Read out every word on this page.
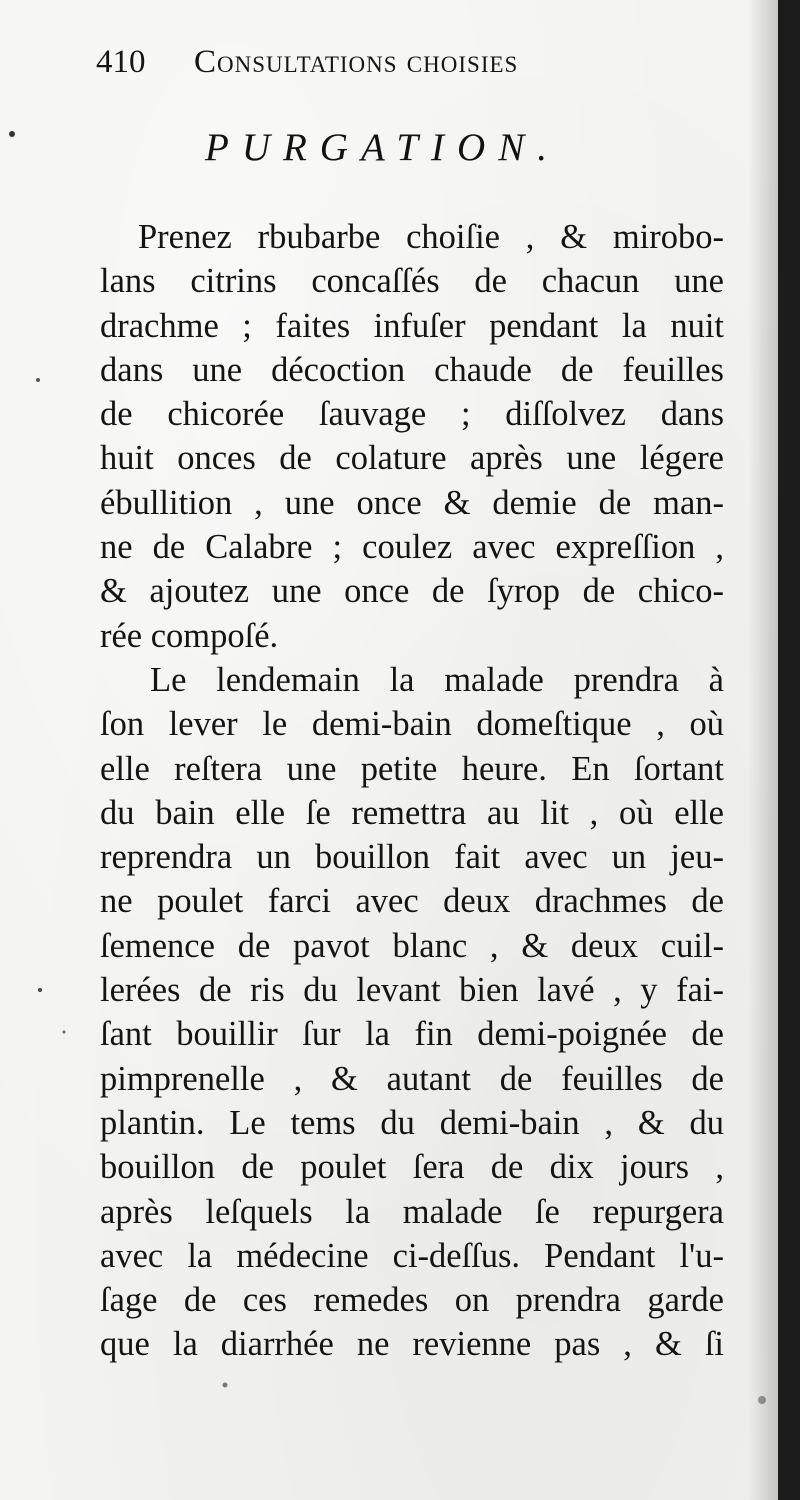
410 Consultations choisies
PURGATION.
Prenez rbubarbe choiſie , & mirobo-
lans citrins concaſſés de chacun une
drachme ; faites infuſer pendant la nuit
dans une décoction chaude de feuilles
de chicorée ſauvage ; diſſolvez dans
huit onces de colature après une légere
ébullition , une once & demie de man-
ne de Calabre ; coulez avec expreſſion ,
& ajoutez une once de ſyrop de chico-
rée compoſé.
Le lendemain la malade prendra à
ſon lever le demi-bain domeſtique , où
elle reſtera une petite heure. En ſortant
du bain elle ſe remettra au lit , où elle
reprendra un bouillon fait avec un jeu-
ne poulet farci avec deux drachmes de
ſemence de pavot blanc , & deux cuil-
lerées de ris du levant bien lavé , y fai-
ſant bouillir ſur la fin demi-poignée de
pimprenelle , & autant de feuilles de
plantin. Le tems du demi-bain , & du
bouillon de poulet ſera de dix jours ,
après leſquels la malade ſe repurgera
avec la médecine ci-deſſus. Pendant l'u-
ſage de ces remedes on prendra garde
que la diarrhée ne revienne pas , & ſi
